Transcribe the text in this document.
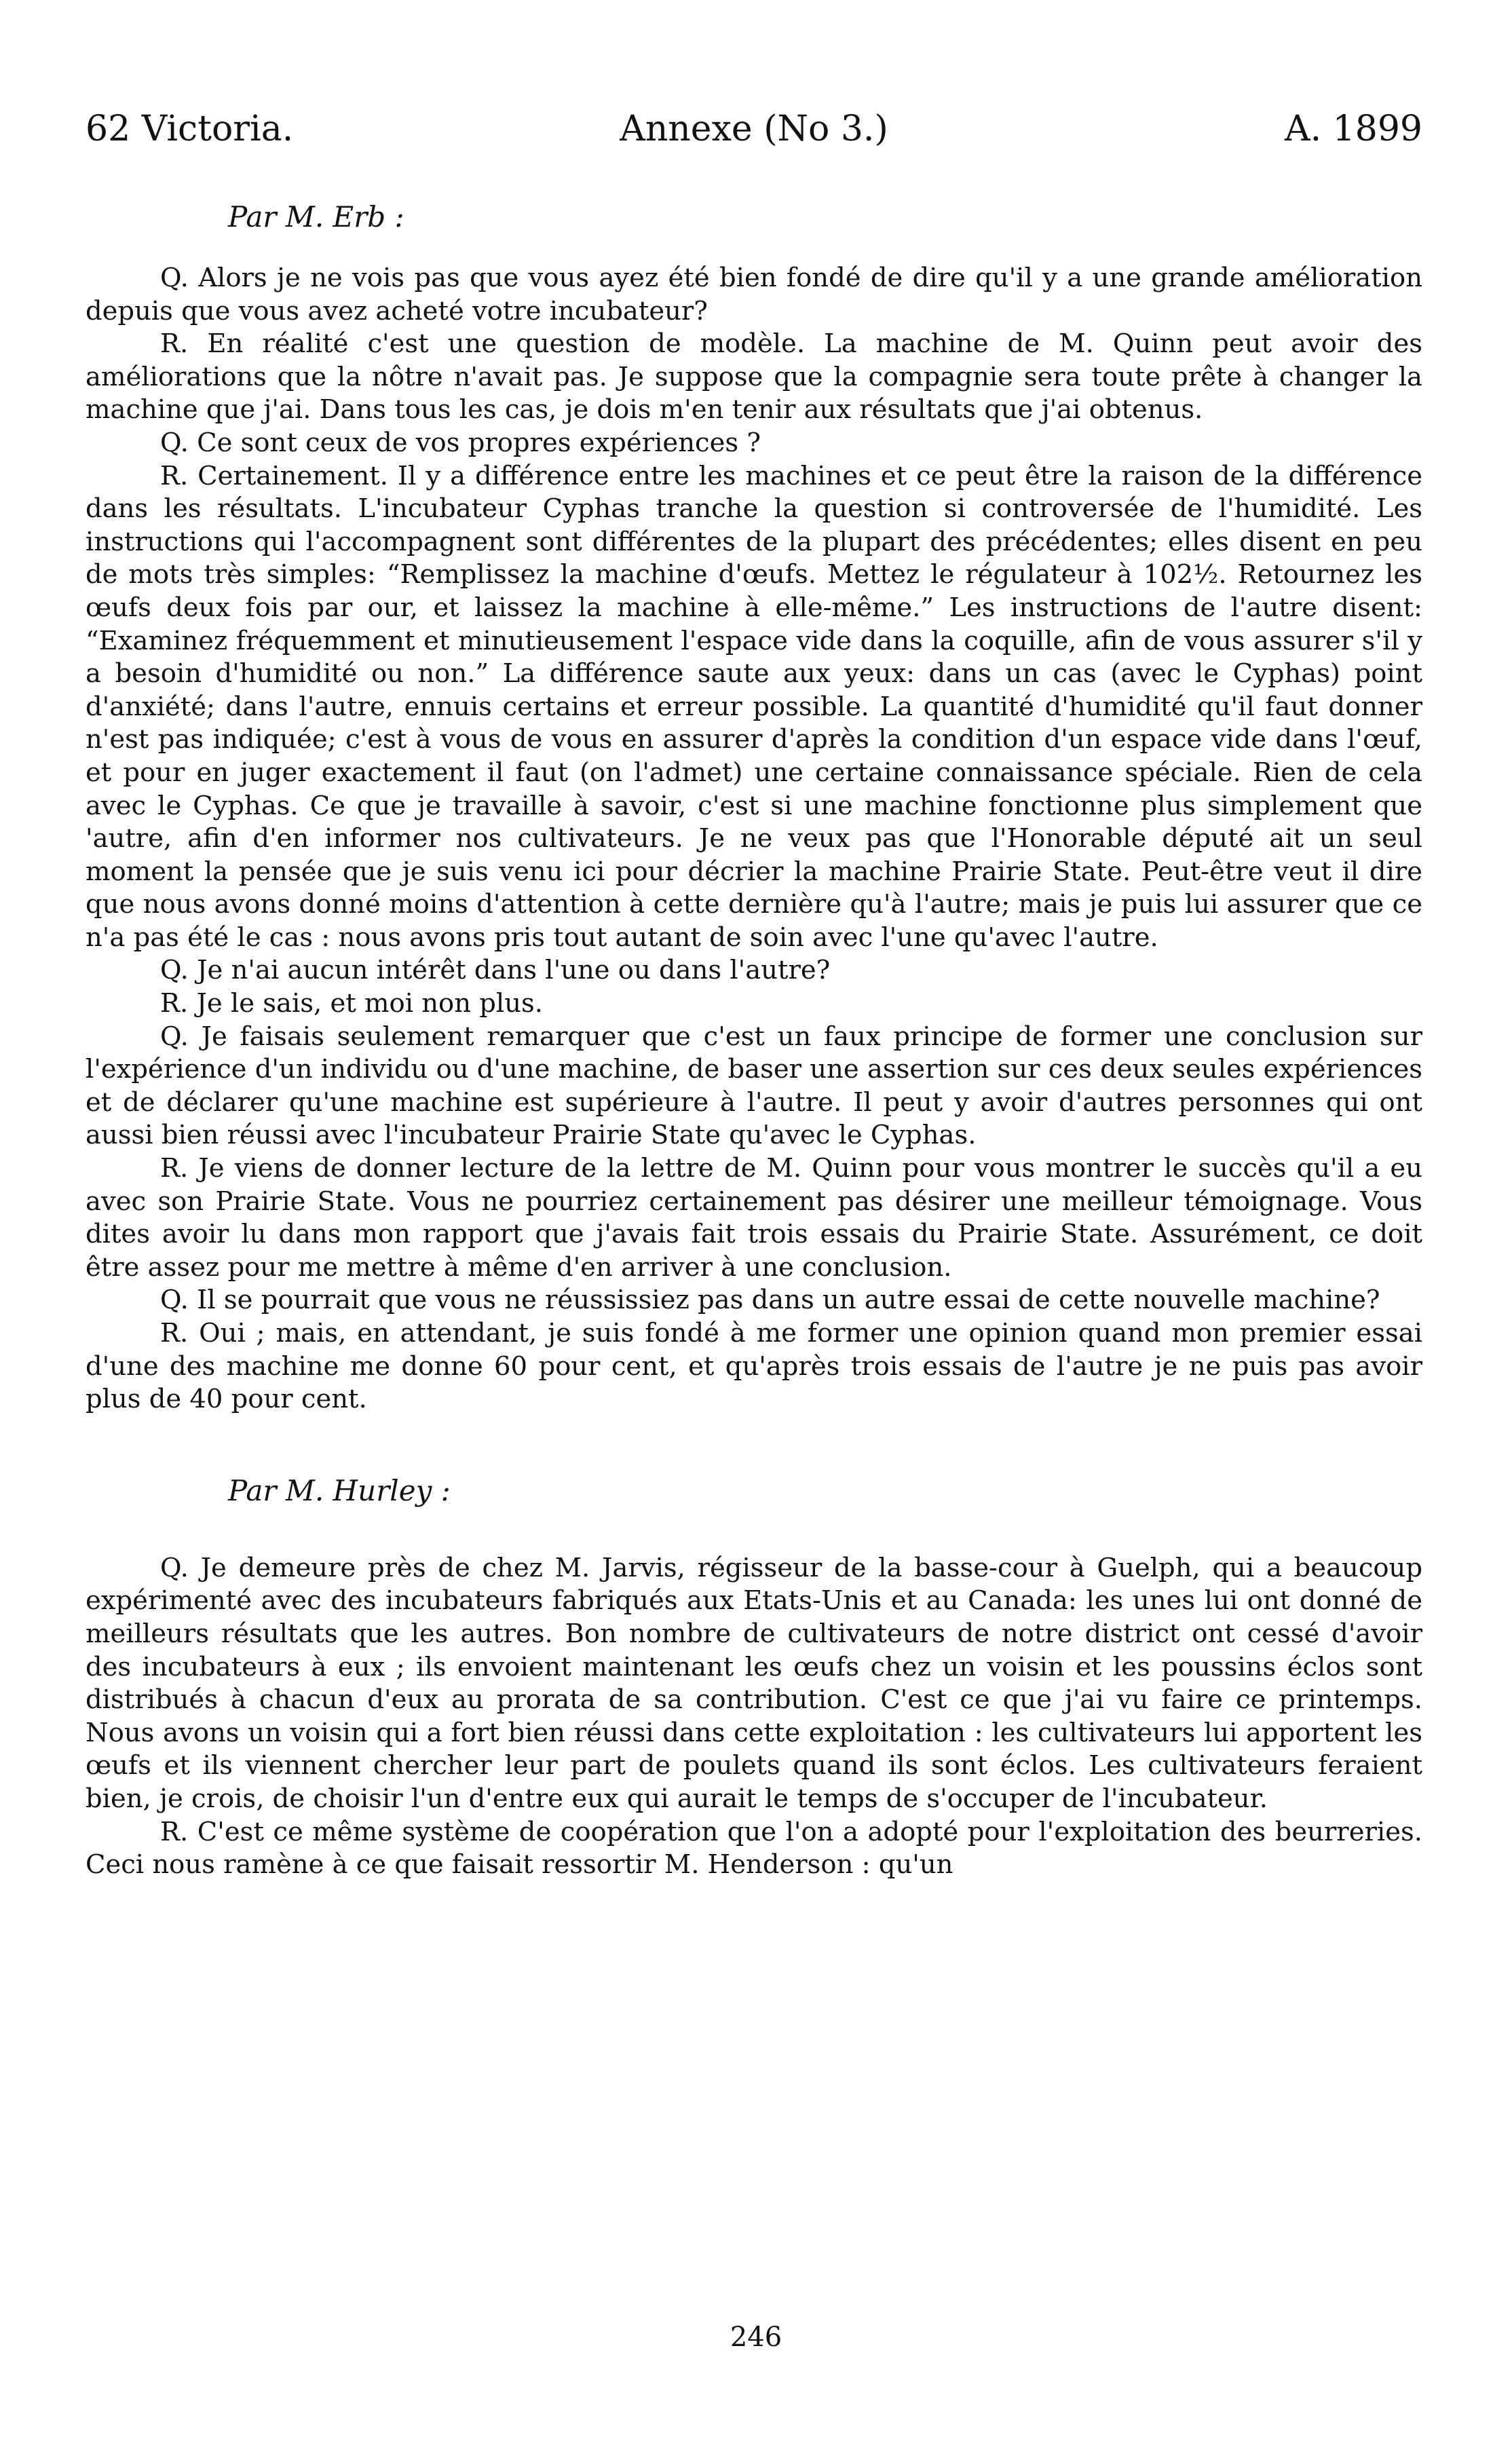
62 Victoria.	Annexe (No 3.)	A. 1899
Par M. Erb :

Q. Alors je ne vois pas que vous ayez été bien fondé de dire qu'il y a une grande amélioration depuis que vous avez acheté votre incubateur?

R. En réalité c'est une question de modèle. La machine de M. Quinn peut avoir des améliorations que la nôtre n'avait pas. Je suppose que la compagnie sera toute prête à changer la machine que j'ai. Dans tous les cas, je dois m'en tenir aux résultats que j'ai obtenus.

Q. Ce sont ceux de vos propres expériences ?

R. Certainement. Il y a différence entre les machines et ce peut être la raison de la différence dans les résultats. L'incubateur Cyphas tranche la question si controversée de l'humidité. Les instructions qui l'accompagnent sont différentes de la plupart des précédentes; elles disent en peu de mots très simples: “Remplissez la machine d'œufs. Mettez le régulateur à 102½. Retournez les œufs deux fois par our, et laissez la machine à elle-même.” Les instructions de l'autre disent: “Examinez fréquemment et minutieusement l'espace vide dans la coquille, afin de vous assurer s'il y a besoin d'humidité ou non.” La différence saute aux yeux: dans un cas (avec le Cyphas) point d'anxiété; dans l'autre, ennuis certains et erreur possible. La quantité d'humidité qu'il faut donner n'est pas indiquée; c'est à vous de vous en assurer d'après la condition d'un espace vide dans l'œuf, et pour en juger exactement il faut (on l'admet) une certaine connaissance spéciale. Rien de cela avec le Cyphas. Ce que je travaille à savoir, c'est si une machine fonctionne plus simplement que 'autre, afin d'en informer nos cultivateurs. Je ne veux pas que l'Honorable député ait un seul moment la pensée que je suis venu ici pour décrier la machine Prairie State. Peut-être veut il dire que nous avons donné moins d'attention à cette dernière qu'à l'autre; mais je puis lui assurer que ce n'a pas été le cas : nous avons pris tout autant de soin avec l'une qu'avec l'autre.

Q. Je n'ai aucun intérêt dans l'une ou dans l'autre?

R. Je le sais, et moi non plus.

Q. Je faisais seulement remarquer que c'est un faux principe de former une conclusion sur l'expérience d'un individu ou d'une machine, de baser une assertion sur ces deux seules expériences et de déclarer qu'une machine est supérieure à l'autre. Il peut y avoir d'autres personnes qui ont aussi bien réussi avec l'incubateur Prairie State qu'avec le Cyphas.

R. Je viens de donner lecture de la lettre de M. Quinn pour vous montrer le succès qu'il a eu avec son Prairie State. Vous ne pourriez certainement pas désirer une meilleur témoignage. Vous dites avoir lu dans mon rapport que j'avais fait trois essais du Prairie State. Assurément, ce doit être assez pour me mettre à même d'en arriver à une conclusion.

Q. Il se pourrait que vous ne réussissiez pas dans un autre essai de cette nouvelle machine?

R. Oui ; mais, en attendant, je suis fondé à me former une opinion quand mon premier essai d'une des machine me donne 60 pour cent, et qu'après trois essais de l'autre je ne puis pas avoir plus de 40 pour cent.

Par M. Hurley :

Q. Je demeure près de chez M. Jarvis, régisseur de la basse-cour à Guelph, qui a beaucoup expérimenté avec des incubateurs fabriqués aux Etats-Unis et au Canada: les unes lui ont donné de meilleurs résultats que les autres. Bon nombre de cultivateurs de notre district ont cessé d'avoir des incubateurs à eux ; ils envoient maintenant les œufs chez un voisin et les poussins éclos sont distribués à chacun d'eux au prorata de sa contribution. C'est ce que j'ai vu faire ce printemps. Nous avons un voisin qui a fort bien réussi dans cette exploitation : les cultivateurs lui apportent les œufs et ils viennent chercher leur part de poulets quand ils sont éclos. Les cultivateurs feraient bien, je crois, de choisir l'un d'entre eux qui aurait le temps de s'occuper de l'incubateur.

R. C'est ce même système de coopération que l'on a adopté pour l'exploitation des beurreries. Ceci nous ramène à ce que faisait ressortir M. Henderson : qu'un

246
